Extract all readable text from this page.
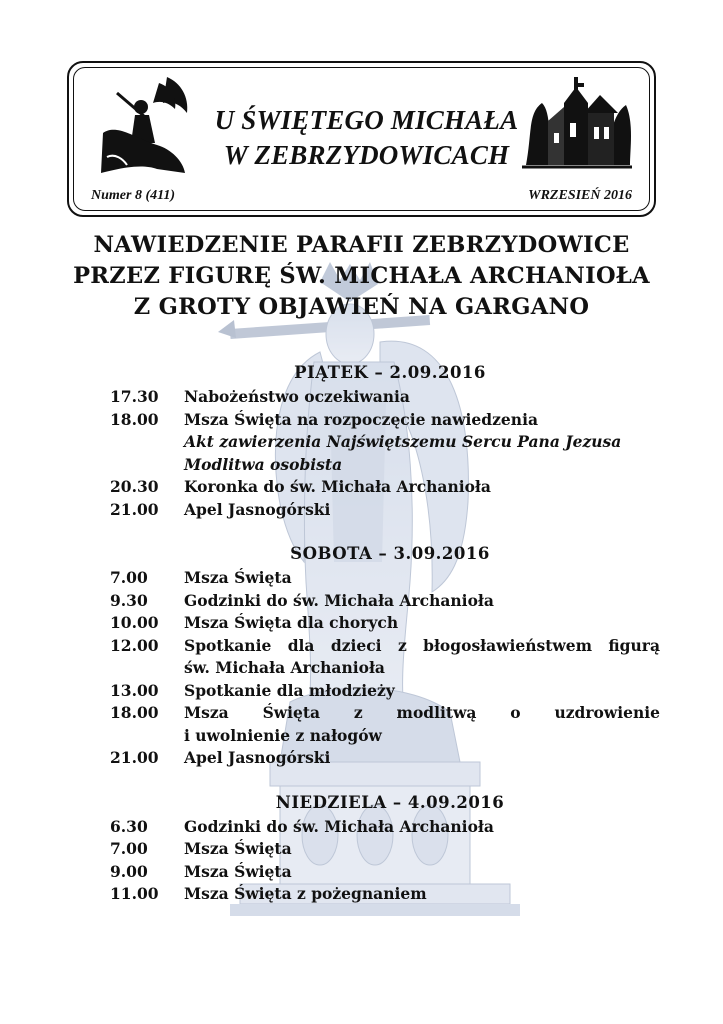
U ŚWIĘTEGO MICHAŁA
W ZEBRZYDOWICACH
Numer 8 (411)	WRZESIEŃ 2016
NAWIEDZENIE PARAFII ZEBRZYDOWICE
PRZEZ FIGURĘ ŚW. MICHAŁA ARCHANIOŁA
Z GROTY OBJAWIEŃ NA GARGANO
PIĄTEK – 2.09.2016
17.30	Nabożeństwo oczekiwania
18.00	Msza Święta na rozpoczęcie nawiedzenia
Akt zawierzenia Najświętszemu Sercu Pana Jezusa
Modlitwa osobista
20.30	Koronka do św. Michała Archanioła
21.00	Apel Jasnogórski
SOBOTA – 3.09.2016
7.00	Msza Święta
9.30	Godzinki do św. Michała Archanioła
10.00	Msza Święta dla chorych
12.00	Spotkanie dla dzieci z błogosławieństwem figurą
św. Michała Archanioła
13.00	Spotkanie dla młodzieży
18.00	Msza Święta z modlitwą o uzdrowienie
i uwolnienie z nałogów
21.00	Apel Jasnogórski
NIEDZIELA – 4.09.2016
6.30	Godzinki do św. Michała Archanioła
7.00	Msza Święta
9.00	Msza Święta
11.00	Msza Święta z pożegnaniem
